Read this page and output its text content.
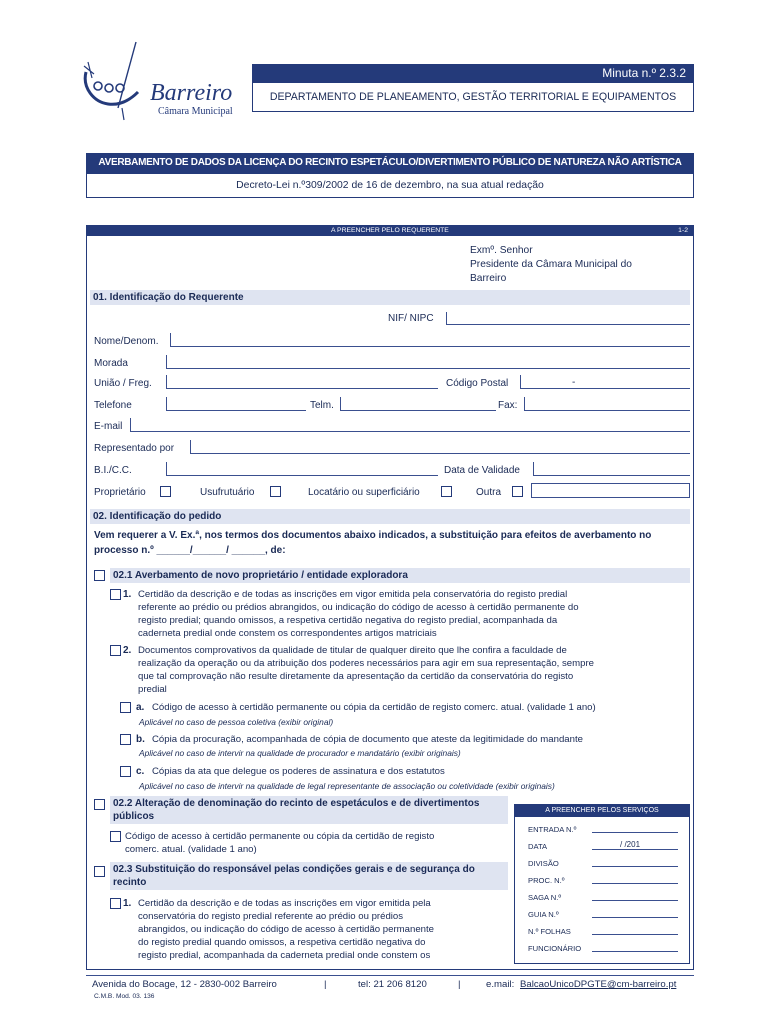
Barreiro
Câmara Municipal
Minuta n.º 2.3.2
DEPARTAMENTO DE PLANEAMENTO, GESTÃO TERRITORIAL E EQUIPAMENTOS
AVERBAMENTO DE DADOS DA LICENÇA DO RECINTO ESPETÁCULO/DIVERTIMENTO PÚBLICO DE NATUREZA NÃO ARTÍSTICA
Decreto-Lei n.º309/2002 de 16 de dezembro, na sua atual redação
A PREENCHER PELO REQUERENTE	1-2
Exmº. Senhor
Presidente da Câmara Municipal do
Barreiro
01. Identificação do Requerente
NIF/ NIPC
Nome/Denom.
Morada
União / Freg.	Código Postal	-
Telefone	Telm.	Fax:
E-mail
Representado por
B.I./C.C.	Data de Validade
Proprietário	Usufrutuário	Locatário ou superficiário	Outra
02. Identificação do pedido
Vem requerer a V. Ex.ª, nos termos dos documentos abaixo indicados, a substituição para efeitos de averbamento no
processo n.º ______/______/ ______, de:
02.1 Averbamento de novo proprietário / entidade exploradora
1. Certidão da descrição e de todas as inscrições em vigor emitida pela conservatória do registo predial
referente ao prédio ou prédios abrangidos, ou indicação do código de acesso à certidão permanente do
registo predial; quando omissos, a respetiva certidão negativa do registo predial, acompanhada da
caderneta predial onde constem os correspondentes artigos matriciais
2. Documentos comprovativos da qualidade de titular de qualquer direito que lhe confira a faculdade de
realização da operação ou da atribuição dos poderes necessários para agir em sua representação, sempre
que tal comprovação não resulte diretamente da apresentação da certidão da conservatória do registo
predial
a. Código de acesso à certidão permanente ou cópia da certidão de registo comerc. atual. (validade 1 ano)
Aplicável no caso de pessoa coletiva (exibir original)
b. Cópia da procuração, acompanhada de cópia de documento que ateste da legitimidade do mandante
Aplicável no caso de intervir na qualidade de procurador e mandatário (exibir originais)
c. Cópias da ata que delegue os poderes de assinatura e dos estatutos
Aplicável no caso de intervir na qualidade de legal representante de associação ou coletividade (exibir originais)
02.2 Alteração de denominação do recinto de espetáculos e de divertimentos
públicos
Código de acesso à certidão permanente ou cópia da certidão de registo
comerc. atual. (validade 1 ano)
02.3 Substituição do responsável pelas condições gerais e de segurança do
recinto
1. Certidão da descrição e de todas as inscrições em vigor emitida pela
conservatória do registo predial referente ao prédio ou prédios
abrangidos, ou indicação do código de acesso à certidão permanente
do registo predial quando omissos, a respetiva certidão negativa do
registo predial, acompanhada da caderneta predial onde constem os
A PREENCHER PELOS SERVIÇOS
ENTRADA N.º
DATA	/ /201
DIVISÃO
PROC. N.º
SAGA N.º
GUIA N.º
N.º FOLHAS
FUNCIONÁRIO
Avenida do Bocage, 12 - 2830-002 Barreiro	|	tel: 21 206 8120	|	e.mail: BalcaoUnicoDPGTE@cm-barreiro.pt
C.M.B. Mod. 03. 136
